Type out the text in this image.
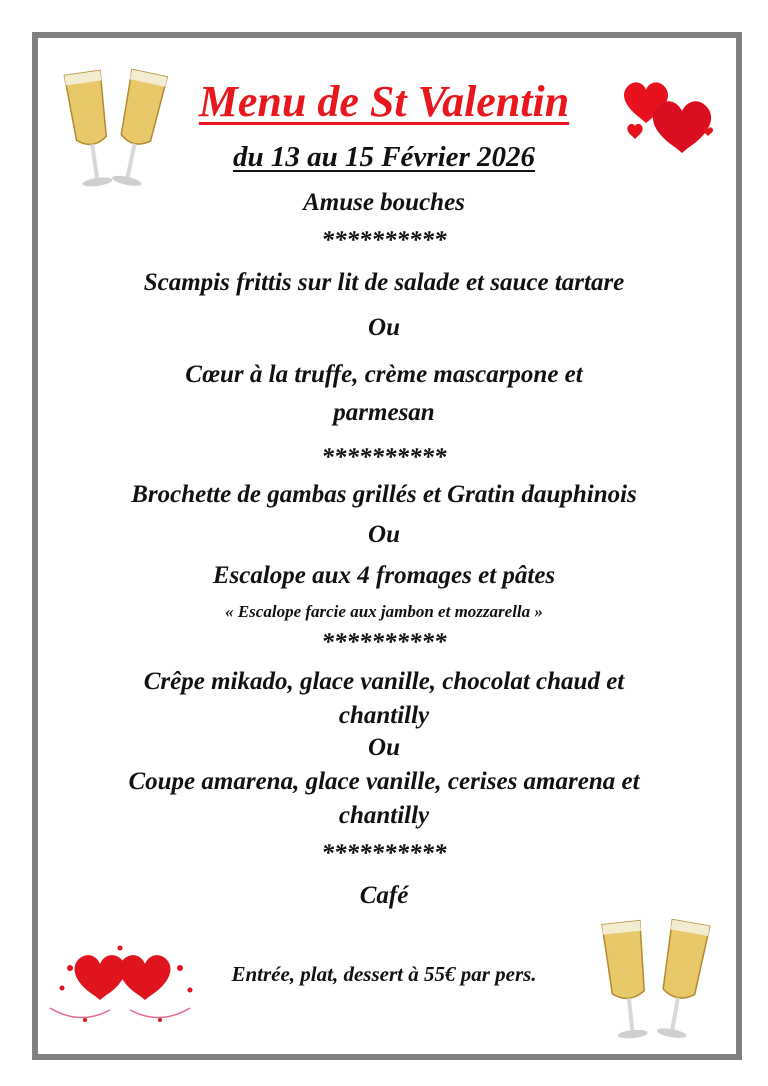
Menu de St Valentin

du 13 au 15 Février 2026

Amuse bouches

**********

Scampis frittis sur lit de salade et sauce tartare

Ou

Cœur à la truffe, crème mascarpone et

parmesan

**********

Brochette de gambas grillés et Gratin dauphinois

Ou

Escalope aux 4 fromages et pâtes

« Escalope farcie aux jambon et mozzarella »

**********

Crêpe mikado, glace vanille, chocolat chaud et

chantilly

Ou

Coupe amarena, glace vanille, cerises amarena et

chantilly

**********

Café

Entrée, plat, dessert à 55€ par pers.
